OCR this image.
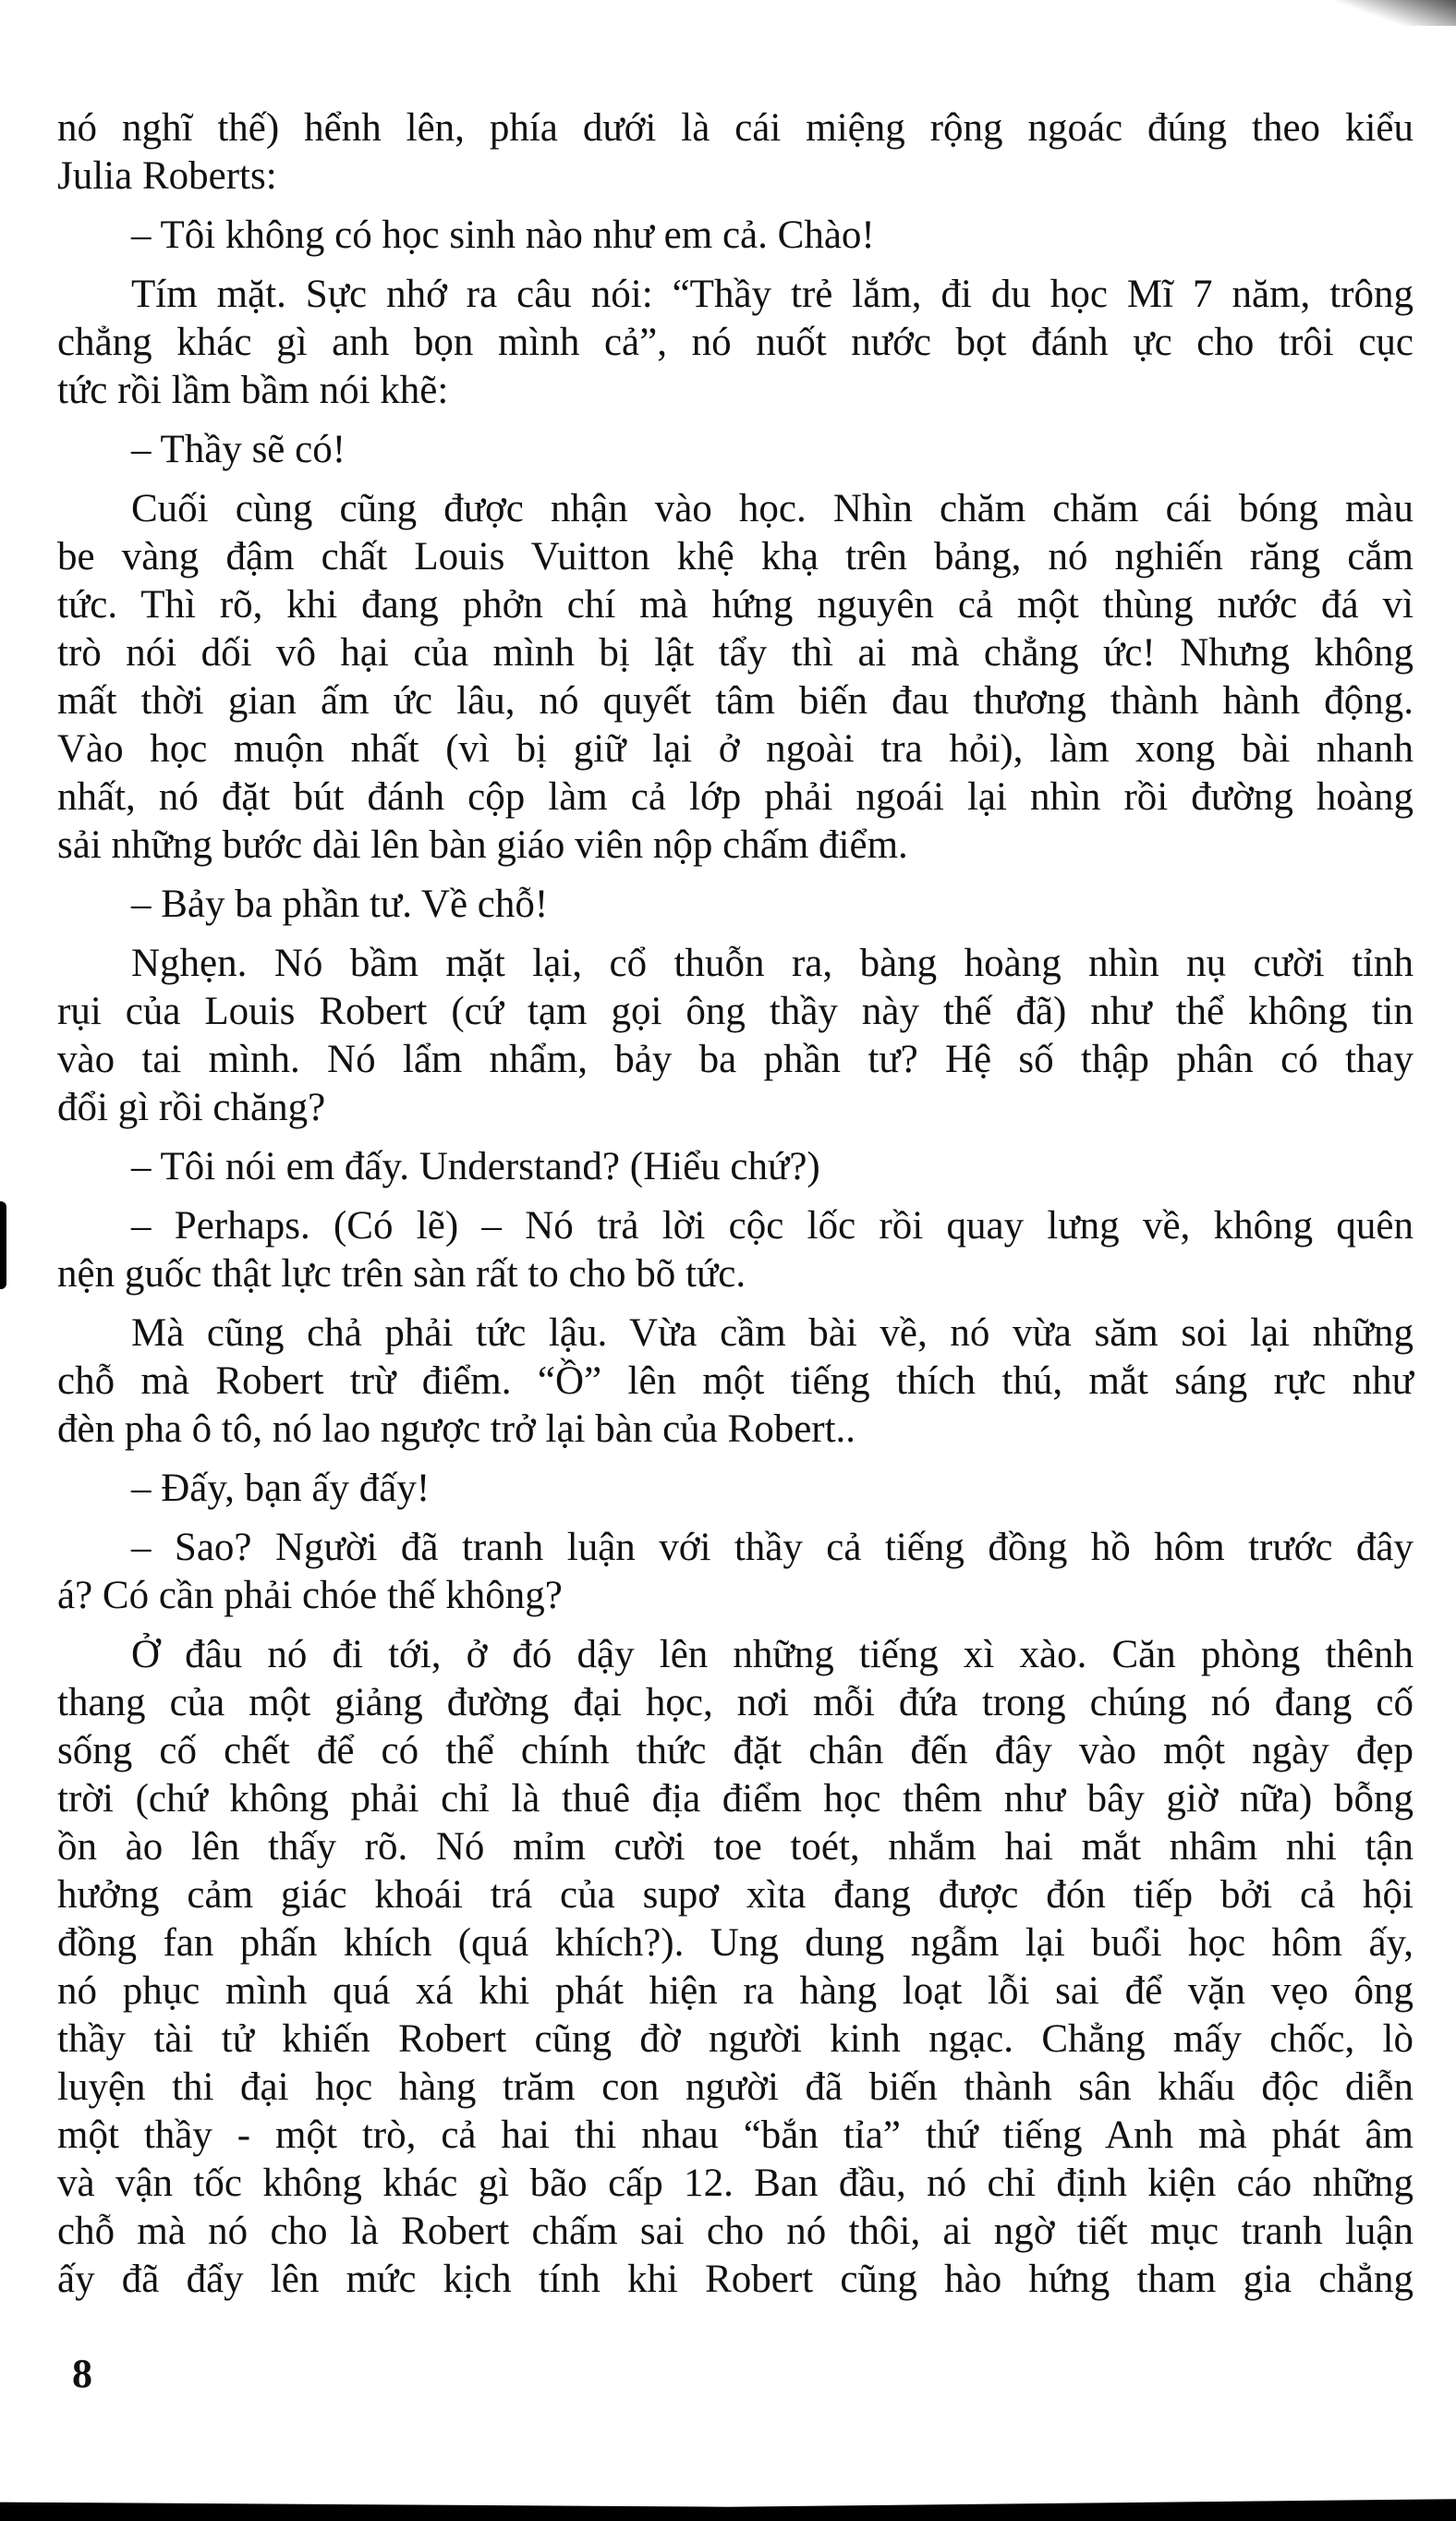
nó nghĩ thế) hểnh lên, phía dưới là cái miệng rộng ngoác đúng theo kiểu
Julia Roberts:
– Tôi không có học sinh nào như em cả. Chào!
Tím mặt. Sực nhớ ra câu nói: “Thầy trẻ lắm, đi du học Mĩ 7 năm, trông
chẳng khác gì anh bọn mình cả”, nó nuốt nước bọt đánh ực cho trôi cục
tức rồi lầm bầm nói khẽ:
– Thầy sẽ có!
Cuối cùng cũng được nhận vào học. Nhìn chăm chăm cái bóng màu
be vàng đậm chất Louis Vuitton khệ khạ trên bảng, nó nghiến răng cắm
tức. Thì rõ, khi đang phởn chí mà hứng nguyên cả một thùng nước đá vì
trò nói dối vô hại của mình bị lật tẩy thì ai mà chẳng ức! Nhưng không
mất thời gian ấm ức lâu, nó quyết tâm biến đau thương thành hành động.
Vào học muộn nhất (vì bị giữ lại ở ngoài tra hỏi), làm xong bài nhanh
nhất, nó đặt bút đánh cộp làm cả lớp phải ngoái lại nhìn rồi đường hoàng
sải những bước dài lên bàn giáo viên nộp chấm điểm.
– Bảy ba phần tư. Về chỗ!
Nghẹn. Nó bầm mặt lại, cổ thuỗn ra, bàng hoàng nhìn nụ cười tỉnh
rụi của Louis Robert (cứ tạm gọi ông thầy này thế đã) như thể không tin
vào tai mình. Nó lẩm nhẩm, bảy ba phần tư? Hệ số thập phân có thay
đổi gì rồi chăng?
– Tôi nói em đấy. Understand? (Hiểu chứ?)
– Perhaps. (Có lẽ) – Nó trả lời cộc lốc rồi quay lưng về, không quên
nện guốc thật lực trên sàn rất to cho bõ tức.
Mà cũng chả phải tức lậu. Vừa cầm bài về, nó vừa săm soi lại những
chỗ mà Robert trừ điểm. “Ồ” lên một tiếng thích thú, mắt sáng rực như
đèn pha ô tô, nó lao ngược trở lại bàn của Robert..
– Đấy, bạn ấy đấy!
– Sao? Người đã tranh luận với thầy cả tiếng đồng hồ hôm trước đây
á? Có cần phải chóe thế không?
Ở đâu nó đi tới, ở đó dậy lên những tiếng xì xào. Căn phòng thênh
thang của một giảng đường đại học, nơi mỗi đứa trong chúng nó đang cố
sống cố chết để có thể chính thức đặt chân đến đây vào một ngày đẹp
trời (chứ không phải chỉ là thuê địa điểm học thêm như bây giờ nữa) bỗng
ồn ào lên thấy rõ. Nó mỉm cười toe toét, nhắm hai mắt nhâm nhi tận
hưởng cảm giác khoái trá của supơ xìta đang được đón tiếp bởi cả hội
đồng fan phấn khích (quá khích?). Ung dung ngẫm lại buổi học hôm ấy,
nó phục mình quá xá khi phát hiện ra hàng loạt lỗi sai để vặn vẹo ông
thầy tài tử khiến Robert cũng đờ người kinh ngạc. Chẳng mấy chốc, lò
luyện thi đại học hàng trăm con người đã biến thành sân khấu độc diễn
một thầy - một trò, cả hai thi nhau “bắn tỉa” thứ tiếng Anh mà phát âm
và vận tốc không khác gì bão cấp 12. Ban đầu, nó chỉ định kiện cáo những
chỗ mà nó cho là Robert chấm sai cho nó thôi, ai ngờ tiết mục tranh luận
ấy đã đẩy lên mức kịch tính khi Robert cũng hào hứng tham gia chẳng
8
